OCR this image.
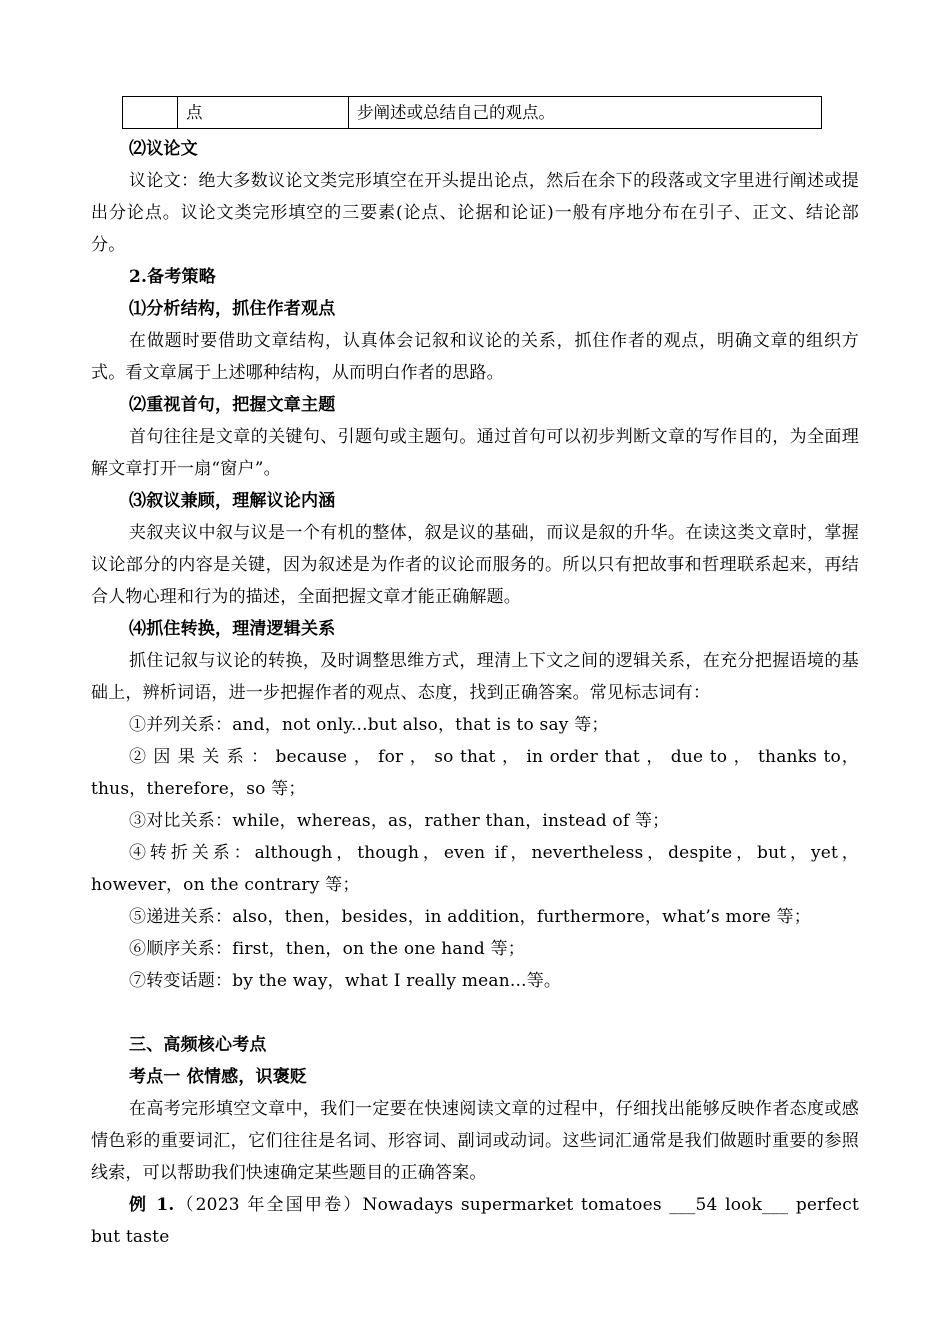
	点	步阐述或总结自己的观点。

⑵议论文

议论文：绝大多数议论文类完形填空在开头提出论点，然后在余下的段落或文字里进行阐述或提出分论点。议论文类完形填空的三要素(论点、论据和论证)一般有序地分布在引子、正文、结论部分。

2.备考策略

⑴分析结构，抓住作者观点

在做题时要借助文章结构，认真体会记叙和议论的关系，抓住作者的观点，明确文章的组织方式。看文章属于上述哪种结构，从而明白作者的思路。

⑵重视首句，把握文章主题

首句往往是文章的关键句、引题句或主题句。通过首句可以初步判断文章的写作目的，为全面理解文章打开一扇“窗户”。

⑶叙议兼顾，理解议论内涵

夹叙夹议中叙与议是一个有机的整体，叙是议的基础，而议是叙的升华。在读这类文章时，掌握议论部分的内容是关键，因为叙述是为作者的议论而服务的。所以只有把故事和哲理联系起来，再结合人物心理和行为的描述，全面把握文章才能正确解题。

⑷抓住转换，理清逻辑关系

抓住记叙与议论的转换，及时调整思维方式，理清上下文之间的逻辑关系，在充分把握语境的基础上，辨析词语，进一步把握作者的观点、态度，找到正确答案。常见标志词有：

①并列关系：and，not only...but also，that is to say 等；

② 因 果 关 系 ： because ， for ， so that ， in order that ， due to ， thanks to，thus，therefore，so 等；

③对比关系：while，whereas，as，rather than，instead of 等；

④转折关系：although，though，even if，nevertheless，despite，but，yet，however，on the contrary 等；

⑤递进关系：also，then，besides，in addition，furthermore，what’s more 等；

⑥顺序关系：first，then，on the one hand 等；

⑦转变话题：by the way，what I really mean...等。

三、高频核心考点

考点一 依情感，识褒贬

在高考完形填空文章中，我们一定要在快速阅读文章的过程中，仔细找出能够反映作者态度或感情色彩的重要词汇，它们往往是名词、形容词、副词或动词。这些词汇通常是我们做题时重要的参照线索，可以帮助我们快速确定某些题目的正确答案。

例 1.（2023 年全国甲卷）Nowadays supermarket tomatoes ___54 look___ perfect but taste
